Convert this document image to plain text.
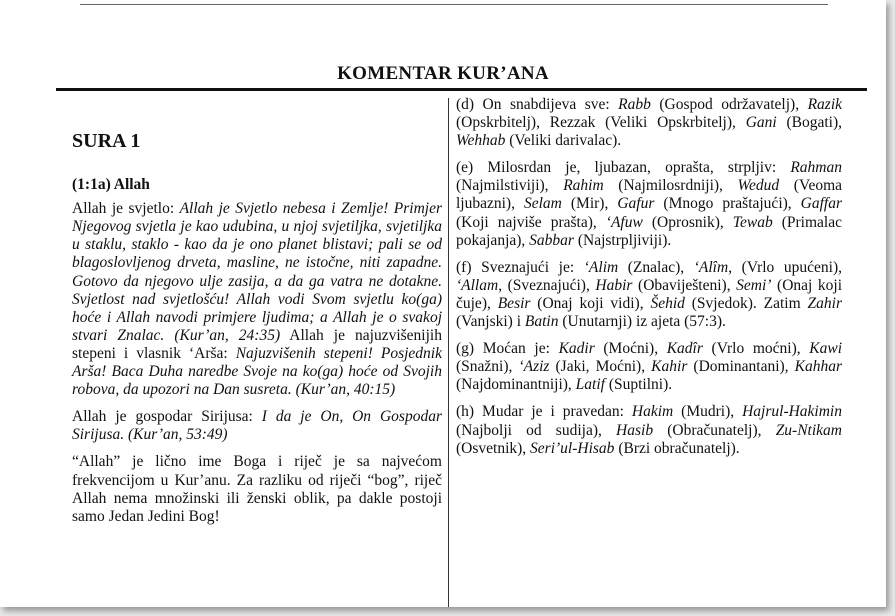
KOMENTAR KUR’ANA

SURA 1

(1:1a) Allah

Allah je svjetlo: Allah je Svjetlo nebesa i Zemlje! Primjer Njegovog svjetla je kao udubina, u njoj svjetiljka, svjetiljka u staklu, staklo - kao da je ono planet blistavi; pali se od blagoslovljenog drveta, masline, ne istočne, niti zapadne. Gotovo da njegovo ulje zasija, a da ga vatra ne dotakne. Svjetlost nad svjetlošću! Allah vodi Svom svjetlu ko(ga) hoće i Allah navodi primjere ljudima; a Allah je o svakoj stvari Znalac. (Kur’an, 24:35) Allah je najuzvišenijih stepeni i vlasnik ‘Arša: Najuzvišenih stepeni! Posjednik Arša! Baca Duha naredbe Svoje na ko(ga) hoće od Svojih robova, da upozori na Dan susreta. (Kur’an, 40:15)

Allah je gospodar Sirijusa: I da je On, On Gospodar Sirijusa. (Kur’an, 53:49)

“Allah” je lično ime Boga i riječ je sa najvećom frekvencijom u Kur’anu. Za razliku od riječi “bog”, riječ Allah nema množinski ili ženski oblik, pa dakle postoji samo Jedan Jedini Bog!

(d) On snabdijeva sve: Rabb (Gospod održavatelj), Razik (Opskrbitelj), Rezzak (Veliki Opskrbitelj), Gani (Bogati), Wehhab (Veliki darivalac).

(e) Milosrdan je, ljubazan, oprašta, strpljiv: Rahman (Najmilstiviji), Rahim (Najmilosrdniji), Wedud (Veoma ljubazni), Selam (Mir), Gafur (Mnogo praštajući), Gaffar (Koji najviše prašta), ‘Afuw (Oprosnik), Tewab (Primalac pokajanja), Sabbar (Najstrpljiviji).

(f) Sveznajući je: ‘Alim (Znalac), ‘Alîm, (Vrlo upućeni), ‘Allam, (Sveznajući), Habir (Obaviješteni), Semi’ (Onaj koji čuje), Besir (Onaj koji vidi), Šehid (Svjedok). Zatim Zahir (Vanjski) i Batin (Unutarnji) iz ajeta (57:3).

(g) Moćan je: Kadir (Moćni), Kadîr (Vrlo moćni), Kawi (Snažni), ‘Aziz (Jaki, Moćni), Kahir (Dominantani), Kahhar (Najdominantniji), Latif (Suptilni).

(h) Mudar je i pravedan: Hakim (Mudri), Hajrul-Hakimin (Najbolji od sudija), Hasib (Obračunatelj), Zu-Ntikam (Osvetnik), Seri’ul-Hisab (Brzi obračunatelj).
